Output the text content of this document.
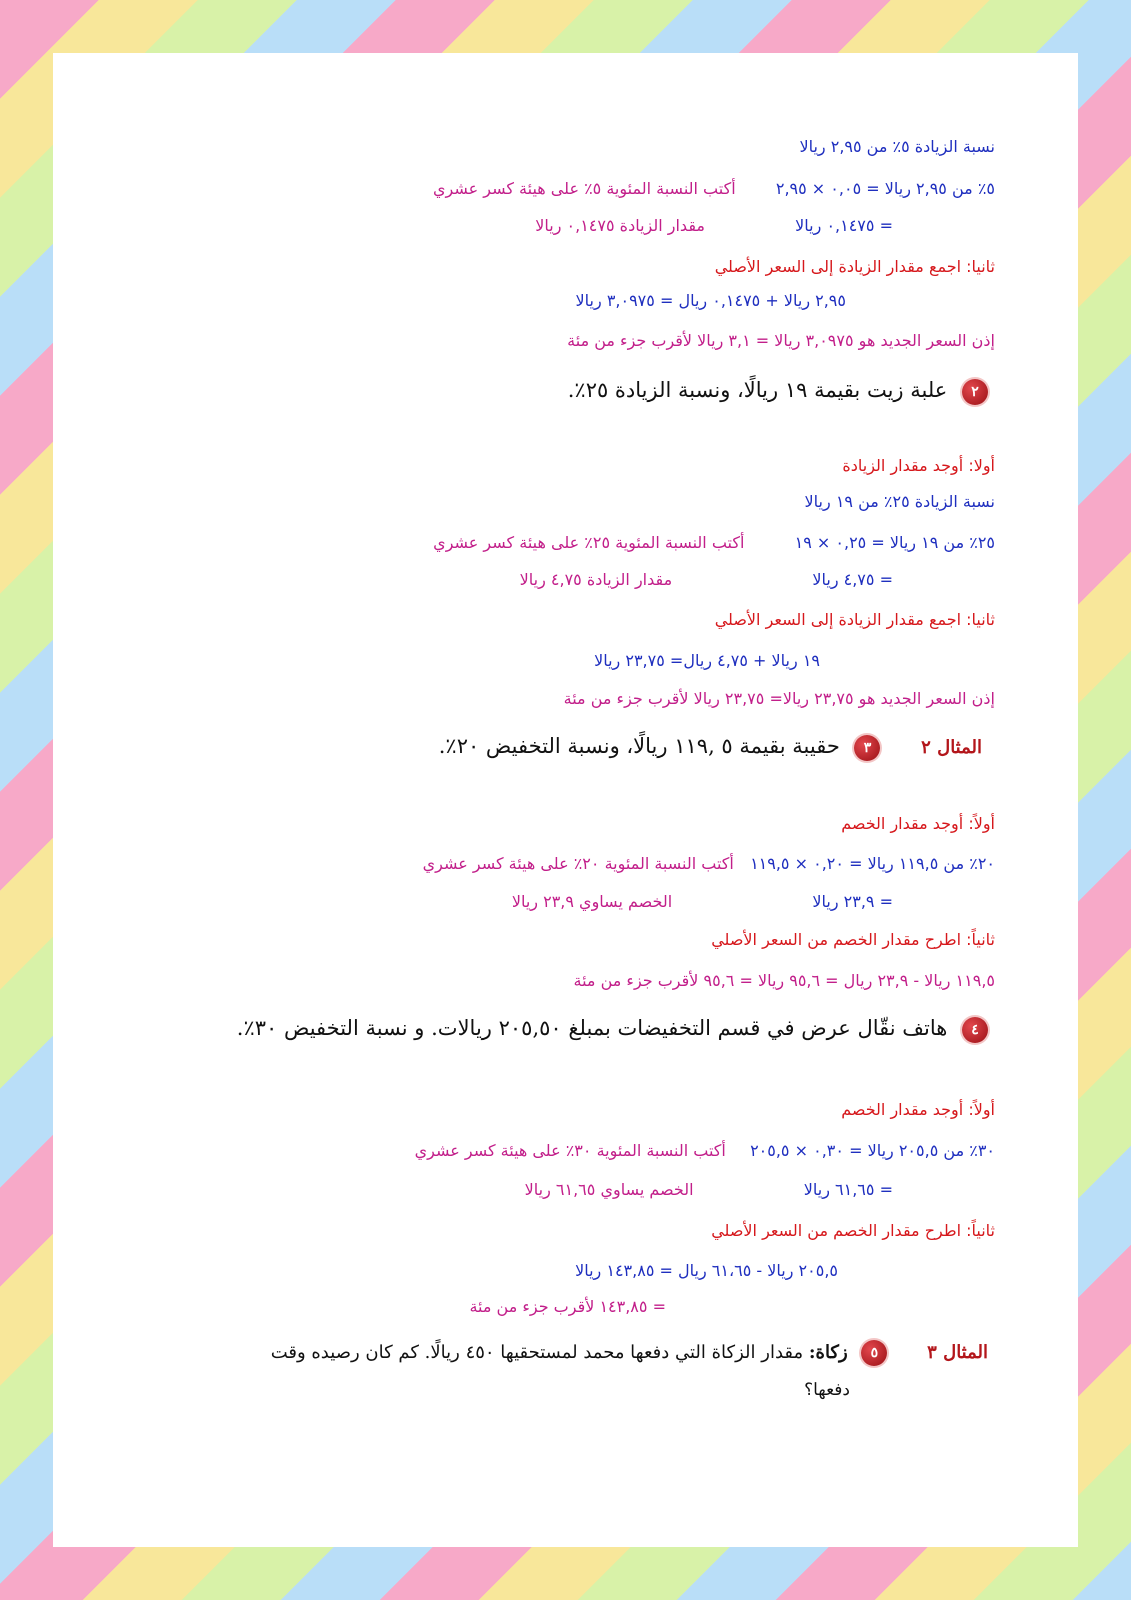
نسبة الزيادة ٥٪ من ٢,٩٥ ريالا
٥٪ من ٢,٩٥ ريالا = ٠,٠٥ × ٢,٩٥  أكتب النسبة المئوية ٥٪ على هيئة كسر عشري
= ٠,١٤٧٥ ريالا  مقدار الزيادة ٠,١٤٧٥ ريالا
ثانيا: اجمع مقدار الزيادة إلى السعر الأصلي
٢,٩٥ ريالا + ٠,١٤٧٥ ريال = ٣,٠٩٧٥ ريالا
إذن السعر الجديد هو ٣,٠٩٧٥ ريالا = ٣,١ ريالا لأقرب جزء من مئة
٢ علبة زيت بقيمة ١٩ ريالًا، ونسبة الزيادة ٢٥٪.
أولا: أوجد مقدار الزيادة
نسبة الزيادة ٢٥٪ من ١٩ ريالا
٢٥٪ من ١٩ ريالا = ٠,٢٥ × ١٩  أكتب النسبة المئوية ٢٥٪ على هيئة كسر عشري
= ٤,٧٥ ريالا  مقدار الزيادة ٤,٧٥ ريالا
ثانيا: اجمع مقدار الزيادة إلى السعر الأصلي
١٩ ريالا + ٤,٧٥ ريال= ٢٣,٧٥ ريالا
إذن السعر الجديد هو ٢٣,٧٥ ريالا= ٢٣,٧٥ ريالا لأقرب جزء من مئة
المثال ٢ ٣ حقيبة بقيمة ٥ ,١١٩ ريالًا، ونسبة التخفيض ٢٠٪.
أولاً: أوجد مقدار الخصم
٢٠٪ من ١١٩,٥ ريالا = ٠,٢٠ × ١١٩,٥  أكتب النسبة المئوية ٢٠٪ على هيئة كسر عشري
= ٢٣,٩ ريالا  الخصم يساوي ٢٣,٩ ريالا
ثانياً: اطرح مقدار الخصم من السعر الأصلي
١١٩,٥ ريالا - ٢٣,٩ ريال = ٩٥,٦ ريالا = ٩٥,٦ لأقرب جزء من مئة
٤ هاتف نقّال عرض في قسم التخفيضات بمبلغ ٢٠٥,٥٠ ريالات. و نسبة التخفيض ٣٠٪.
أولاً: أوجد مقدار الخصم
٣٠٪ من ٢٠٥,٥ ريالا = ٠,٣٠ × ٢٠٥,٥  أكتب النسبة المئوية ٣٠٪ على هيئة كسر عشري
= ٦١,٦٥ ريالا  الخصم يساوي ٦١,٦٥ ريالا
ثانياً: اطرح مقدار الخصم من السعر الأصلي
٢٠٥,٥ ريالا - ٦١،٦٥ ريال = ١٤٣,٨٥ ريالا
= ١٤٣,٨٥ لأقرب جزء من مئة
المثال ٣ ٥ زكاة: مقدار الزكاة التي دفعها محمد لمستحقيها ٤٥٠ ريالًا. كم كان رصيده وقت
دفعها؟
